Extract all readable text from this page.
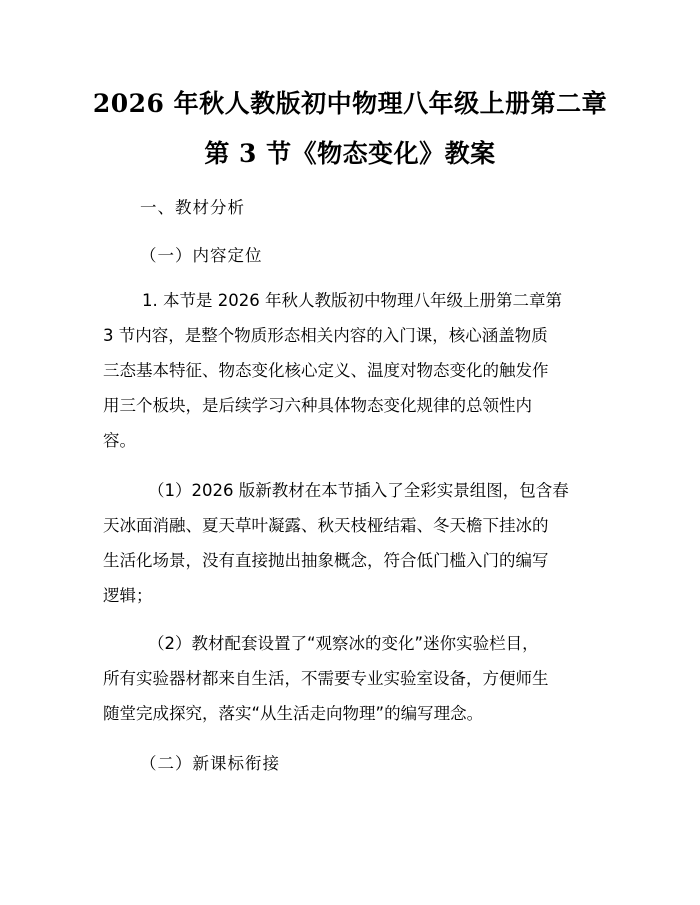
2026 年秋人教版初中物理八年级上册第二章
第 3 节《物态变化》教案
一、教材分析
（一）内容定位

1. 本节是 2026 年秋人教版初中物理八年级上册第二章第
3 节内容，是整个物质形态相关内容的入门课，核心涵盖物质
三态基本特征、物态变化核心定义、温度对物态变化的触发作
用三个板块，是后续学习六种具体物态变化规律的总领性内
容。

（1）2026 版新教材在本节插入了全彩实景组图，包含春
天冰面消融、夏天草叶凝露、秋天枝桠结霜、冬天檐下挂冰的
生活化场景，没有直接抛出抽象概念，符合低门槛入门的编写
逻辑；

（2）教材配套设置了“观察冰的变化”迷你实验栏目，
所有实验器材都来自生活，不需要专业实验室设备，方便师生
随堂完成探究，落实“从生活走向物理”的编写理念。

（二）新课标衔接
